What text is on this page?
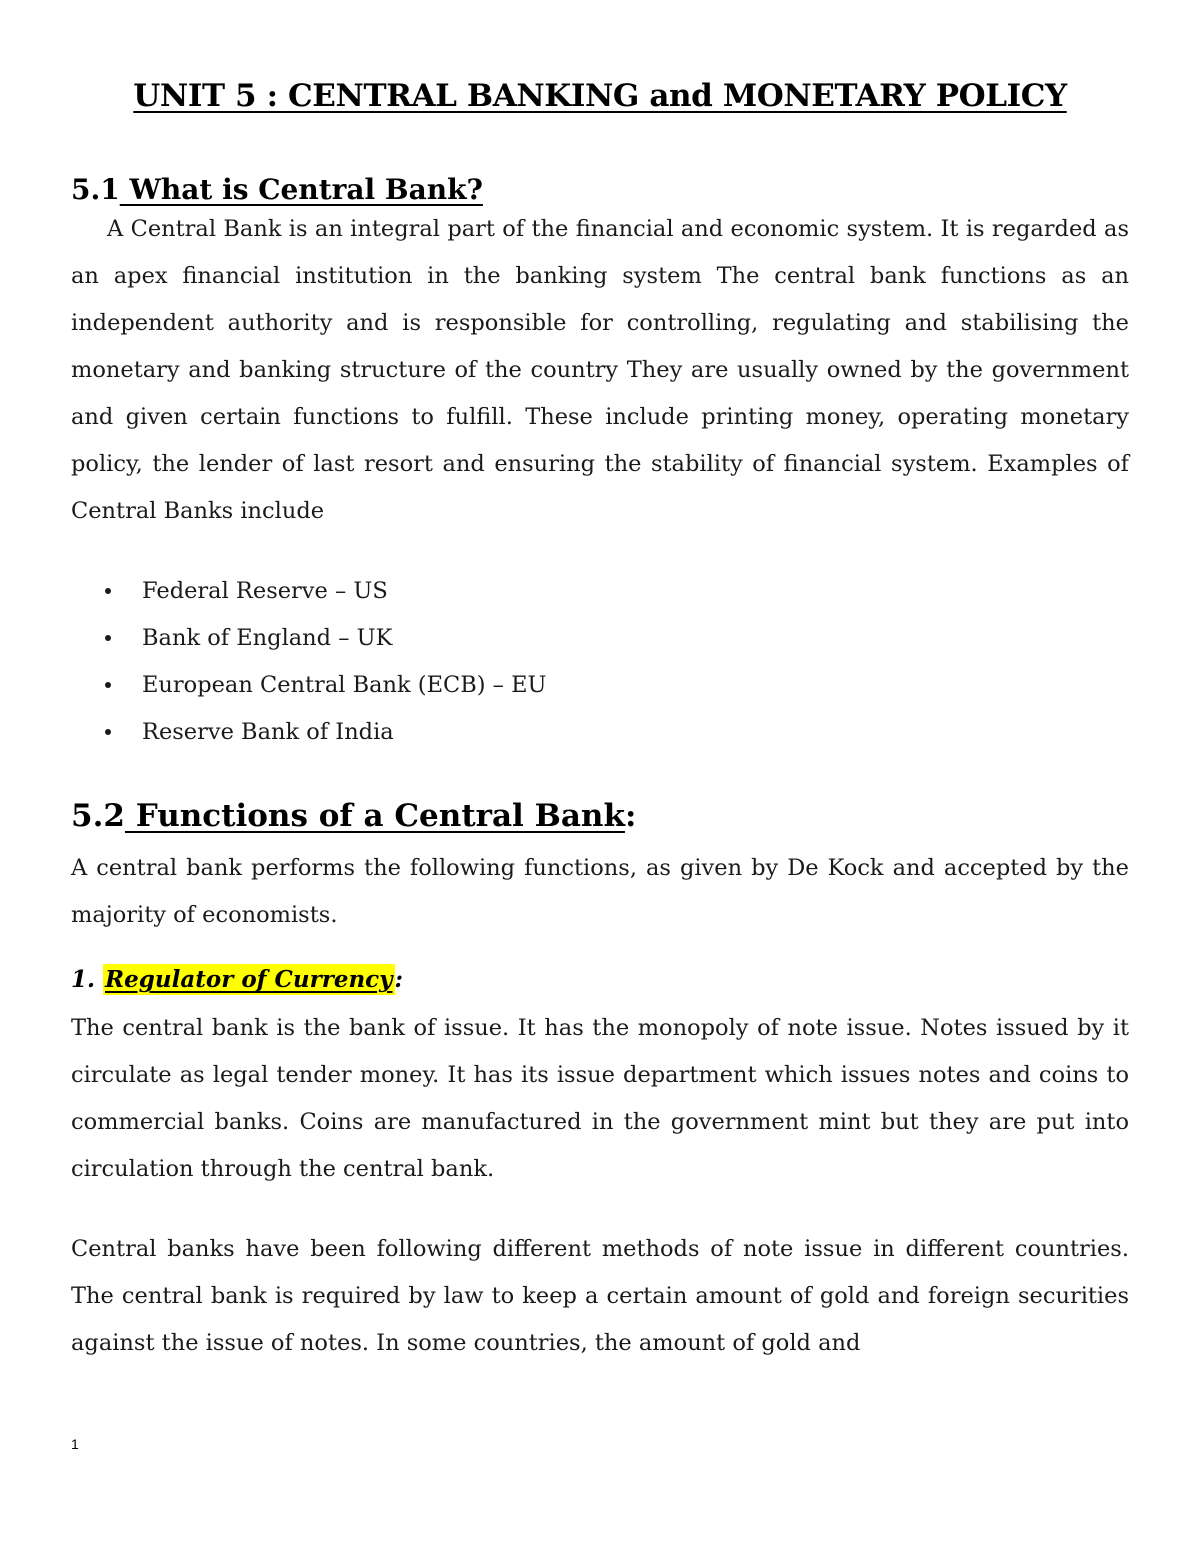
UNIT 5 : CENTRAL BANKING and MONETARY POLICY
5.1 What is Central Bank?

A Central Bank is an integral part of the financial and economic system. It is regarded as an apex financial institution in the banking system The central bank functions as an independent authority and is responsible for controlling, regulating and stabilising the monetary and banking structure of the country They are usually owned by the government and given certain functions to fulfill. These include printing money, operating monetary policy, the lender of last resort and ensuring the stability of financial system. Examples of Central Banks include

Federal Reserve – US
Bank of England – UK
European Central Bank (ECB) – EU
Reserve Bank of India
5.2 Functions of a Central Bank:

A central bank performs the following functions, as given by De Kock and accepted by the majority of economists.

1. Regulator of Currency:

The central bank is the bank of issue. It has the monopoly of note issue. Notes issued by it circulate as legal tender money. It has its issue department which issues notes and coins to commercial banks. Coins are manufactured in the government mint but they are put into circulation through the central bank.

Central banks have been following different methods of note issue in different countries. The central bank is required by law to keep a certain amount of gold and foreign securities against the issue of notes. In some countries, the amount of gold and

1
